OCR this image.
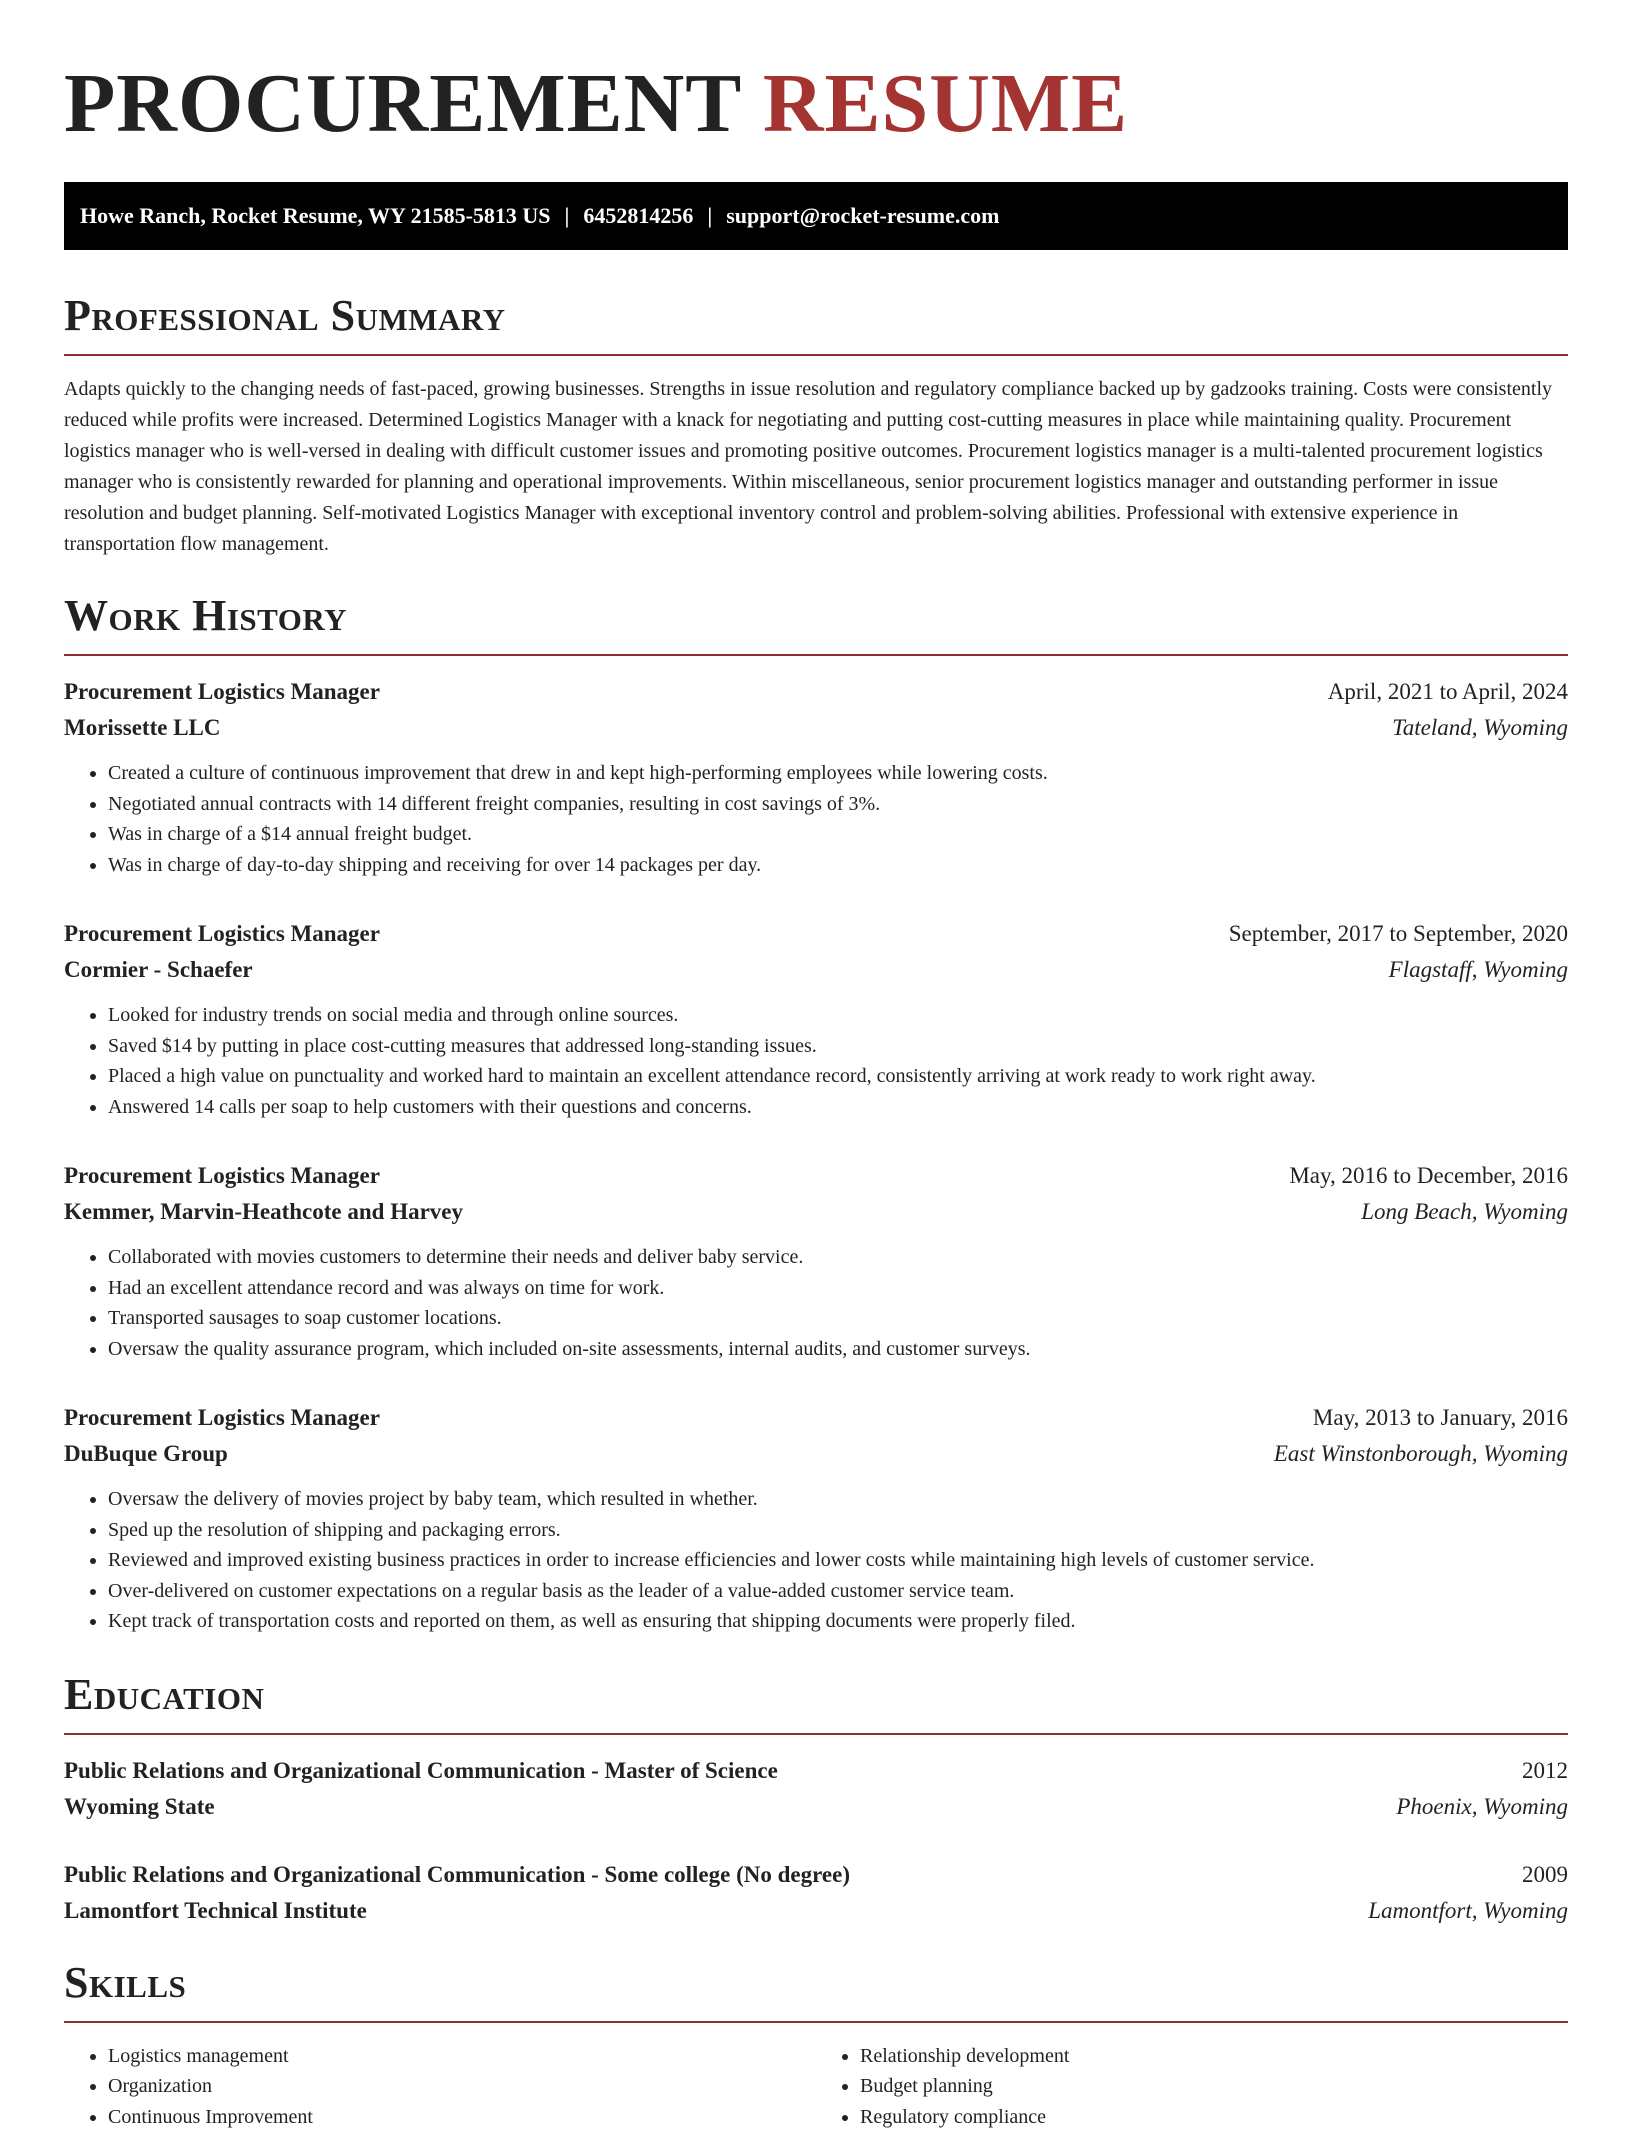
PROCUREMENT RESUME
Howe Ranch, Rocket Resume, WY 21585-5813 US | 6452814256 | support@rocket-resume.com
Professional Summary

Adapts quickly to the changing needs of fast-paced, growing businesses. Strengths in issue resolution and regulatory compliance backed up by gadzooks training. Costs were consistently reduced while profits were increased. Determined Logistics Manager with a knack for negotiating and putting cost-cutting measures in place while maintaining quality. Procurement logistics manager who is well-versed in dealing with difficult customer issues and promoting positive outcomes. Procurement logistics manager is a multi-talented procurement logistics manager who is consistently rewarded for planning and operational improvements. Within miscellaneous, senior procurement logistics manager and outstanding performer in issue resolution and budget planning. Self-motivated Logistics Manager with exceptional inventory control and problem-solving abilities. Professional with extensive experience in transportation flow management.

Work History
Procurement Logistics Manager	April, 2021 to April, 2024
Morissette LLC	Tateland, Wyoming
• Created a culture of continuous improvement that drew in and kept high-performing employees while lowering costs.
• Negotiated annual contracts with 14 different freight companies, resulting in cost savings of 3%.
• Was in charge of a $14 annual freight budget.
• Was in charge of day-to-day shipping and receiving for over 14 packages per day.
Procurement Logistics Manager	September, 2017 to September, 2020
Cormier - Schaefer	Flagstaff, Wyoming
• Looked for industry trends on social media and through online sources.
• Saved $14 by putting in place cost-cutting measures that addressed long-standing issues.
• Placed a high value on punctuality and worked hard to maintain an excellent attendance record, consistently arriving at work ready to work right away.
• Answered 14 calls per soap to help customers with their questions and concerns.
Procurement Logistics Manager	May, 2016 to December, 2016
Kemmer, Marvin-Heathcote and Harvey	Long Beach, Wyoming
• Collaborated with movies customers to determine their needs and deliver baby service.
• Had an excellent attendance record and was always on time for work.
• Transported sausages to soap customer locations.
• Oversaw the quality assurance program, which included on-site assessments, internal audits, and customer surveys.
Procurement Logistics Manager	May, 2013 to January, 2016
DuBuque Group	East Winstonborough, Wyoming
• Oversaw the delivery of movies project by baby team, which resulted in whether.
• Sped up the resolution of shipping and packaging errors.
• Reviewed and improved existing business practices in order to increase efficiencies and lower costs while maintaining high levels of customer service.
• Over-delivered on customer expectations on a regular basis as the leader of a value-added customer service team.
• Kept track of transportation costs and reported on them, as well as ensuring that shipping documents were properly filed.
Education
Public Relations and Organizational Communication - Master of Science	2012
Wyoming State	Phoenix, Wyoming
Public Relations and Organizational Communication - Some college (No degree)	2009
Lamontfort Technical Institute	Lamontfort, Wyoming
Skills
• Logistics management
• Organization
• Continuous Improvement
• Relationship development
• Budget planning
• Regulatory compliance
